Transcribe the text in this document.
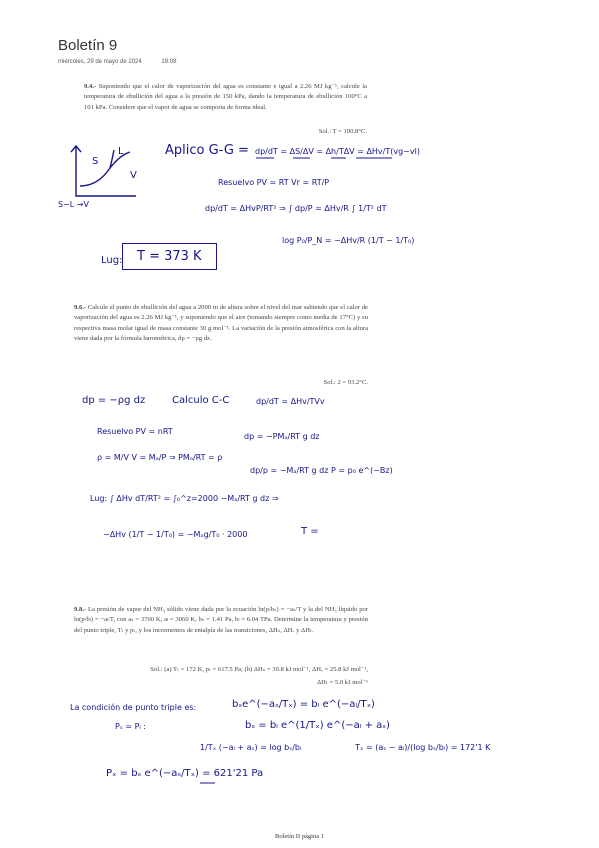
Boletín 9
miércoles, 29 de mayo de 2024	19:08
9.4.- Suponiendo que el calor de vaporización del agua es constante e igual a 2.26 MJ kg⁻¹, calcule la temperatura de ebullición del agua a la presión de 150 kPa, dando la temperatura de ebullición 100°C a 101 kPa. Considere que el vapor de agua se comporta de forma ideal.
Sol.: T = 100.8°C.
S
L
V
S−L →V
Aplico G-G = dp/dT = ΔS/ΔV = Δh/TΔV = ΔHv/T(vg−vl)
Resuelvo PV = RT Vr = RT/P
dp/dT = ΔHvP/RT² ⇒ ∫ dp/P = ΔHv/R ∫ 1/T² dT
log P₀/P_N = −ΔHv/R (1/T − 1/T₀)
Lug:	T = 373 K
9.6.- Calcule el punto de ebullición del agua a 2000 m de altura sobre el nivel del mar sabiendo que el calor de vaporización del agua es 2.26 MJ kg⁻¹, y suponiendo que el aire (tomando siempre como media de 17°C) y su respectiva masa molar igual de masa constante 30 g mol⁻¹. La variación de la presión atmosférica con la altura viene dada por la fórmula barométrica, dp = −ρg dz.
Sol.: 2 = 93.2°C.
dp = −ρg dz	Calculo C-C	dp/dT = ΔHv/TVv
Resuelvo PV = nRT
ρ = M/V V = Mₐ/P ⇒ PMₐ/RT = ρ
dp = −PMₐ/RT g dz
dp/p = −Mₐ/RT g dz P = p₀ e^(−Bz)
Lug: ∫ ΔHv dT/RT² = ∫₀^z=2000 −Mₐ/RT g dz ⇒
−ΔHv (1/T − 1/T₀) = −Mₐg/T₀ · 2000	T =
9.8.- La presión de vapor del NH₃ sólido viene dada por la ecuación ln(p/bₛ) = −aₛ/T y la del NH₃ líquido por ln(p/bₗ) = −aₗ/T, con aₛ = 3760 K, aₗ = 3060 K, bₛ = 1.41 Pa, bₗ = 6.04 TPa. Determine la temperatura y presión del punto triple, Tₜ y pₜ, y los incrementos de entalpía de las transiciones, ΔHₛ, ΔHᵥ y ΔHₜ.
Sol.: (a) Tₜ = 172 K, pₜ = 617.5 Pa; (b) ΔHₛ = 30.8 kJ mol⁻¹, ΔHᵥ = 25.8 kJ mol⁻¹,
ΔHₜ = 5.0 kJ mol⁻¹
La condición de punto triple es:	bₛe^(−aₛ/Tₓ) = bₗ e^(−aₗ/Tₓ)
Pₛ = Pₗ :	bₛ = bₗ e^(1/Tₓ) e^(−aₗ + aₛ)
1/Tₓ (−aₗ + aₛ) = log bₛ/bₗ	Tₓ = (aₛ − aₗ)/(log bₛ/bₗ) = 172'1 K
Pₓ = bₛ e^(−aₛ/Tₓ) = 621'21 Pa
Boletín II página 1
